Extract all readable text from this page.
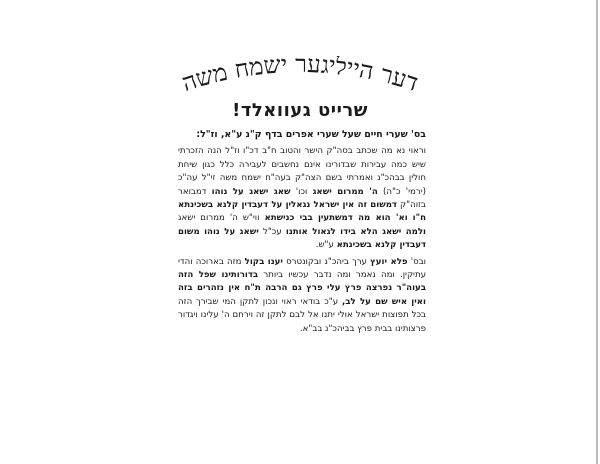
דער הייליגער ישמח משה
שרייט געוואלד!

בס' שערי חיים שעל שערי אפרים בדף ק"נ ע"א, וז"ל:

וראוי נא מה שכתב בסה"ק הישר והטוב ח"ב דכ"ו וז"ל הנה הזכרתי שיש כמה עבירות שבדורינו אינם נחשבים לעבירה כלל כגון שיחת חולין בבהכ"נ ואמרתי בשם הצה"ק בעה"ח ישמח משה זי"ל עה"כ (ירמי' כ"ה) ה' ממרום ישאג וכו' שאג ישאג על נוהו דמבואר בזוה"ק דמשום זה אין ישראל נגאלין על דעבדין קלנא בשכינתא ח"ו וא' הוא מה דמשתעין בבי כנישתא ווי"ש ה' ממרום ישאג ולמה ישאג הלא בידו לגאול אותנו עכ"ל ישאג על נוהו משום דעבדין קלנא בשכינתא ע"ש.

ובס' פלא יועץ ערך ביהכ"נ ובקונטרס יענו בקול מזה בארוכה והדי עתיקין. ומה נאמר ומה נדבר עכשיו ביותר בדורותינו שפל הזה בעוה"ר נפרצה פרץ עלי פרץ גם הרבה ת"ח אין נזהרים בזה ואין איש שם על לב, ע"כ בודאי ראוי ונכון לתקן המי שבירך הזה בכל תפוצות ישראל אולי יתנו אל לבם לתקן זה וירחם ה' עלינו ויגדור פרצותינו בבית פרץ בביהכ"נ בב"א.
